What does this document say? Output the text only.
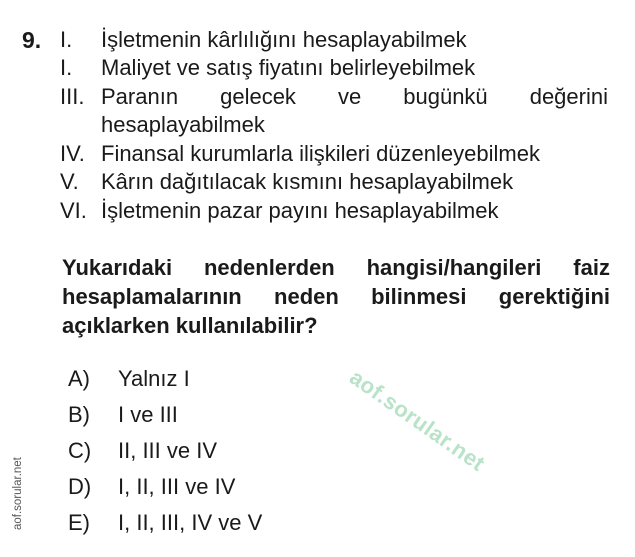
9. I. İşletmenin kârlılığını hesaplayabilmek
I. Maliyet ve satış fiyatını belirleyebilmek
III. Paranın gelecek ve bugünkü değerini
hesaplayabilmek
IV. Finansal kurumlarla ilişkileri düzenleyebilmek
V. Kârın dağıtılacak kısmını hesaplayabilmek
VI. İşletmenin pazar payını hesaplayabilmek
Yukarıdaki nedenlerden hangisi/hangileri faiz
hesaplamalarının neden bilinmesi gerektiğini
açıklarken kullanılabilir?
A) Yalnız I
B) I ve III
C) II, III ve IV
D) I, II, III ve IV
E) I, II, III, IV ve V
aof.sorular.net
aof.sorular.net
